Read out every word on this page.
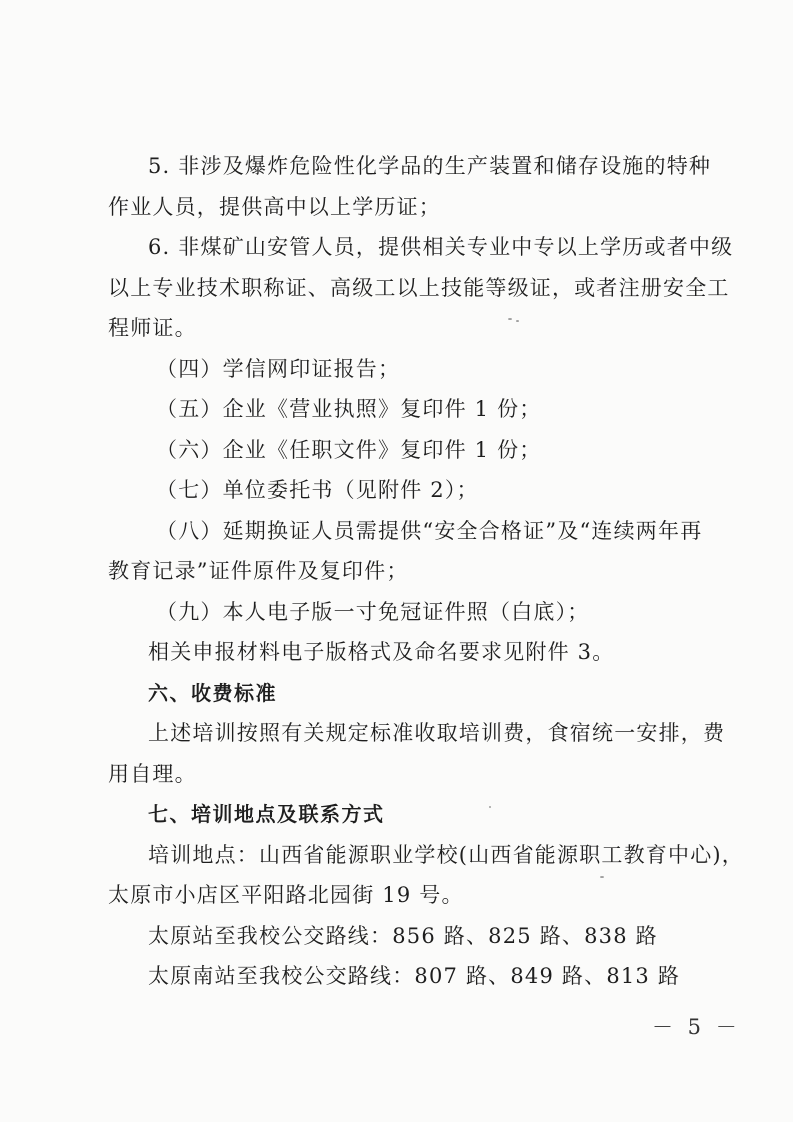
5. 非涉及爆炸危险性化学品的生产装置和储存设施的特种
作业人员，提供高中以上学历证；
6. 非煤矿山安管人员，提供相关专业中专以上学历或者中级
以上专业技术职称证、高级工以上技能等级证，或者注册安全工
程师证。
（四）学信网印证报告；
（五）企业《营业执照》复印件 1 份；
（六）企业《任职文件》复印件 1 份；
（七）单位委托书（见附件 2）；
（八）延期换证人员需提供“安全合格证”及“连续两年再
教育记录”证件原件及复印件；
（九）本人电子版一寸免冠证件照（白底）；
相关申报材料电子版格式及命名要求见附件 3。
六、收费标准
上述培训按照有关规定标准收取培训费，食宿统一安排，费
用自理。
七、培训地点及联系方式
培训地点：山西省能源职业学校(山西省能源职工教育中心)，
太原市小店区平阳路北园街 19 号。
太原站至我校公交路线：856 路、825 路、838 路
太原南站至我校公交路线：807 路、849 路、813 路
－ 5 －
